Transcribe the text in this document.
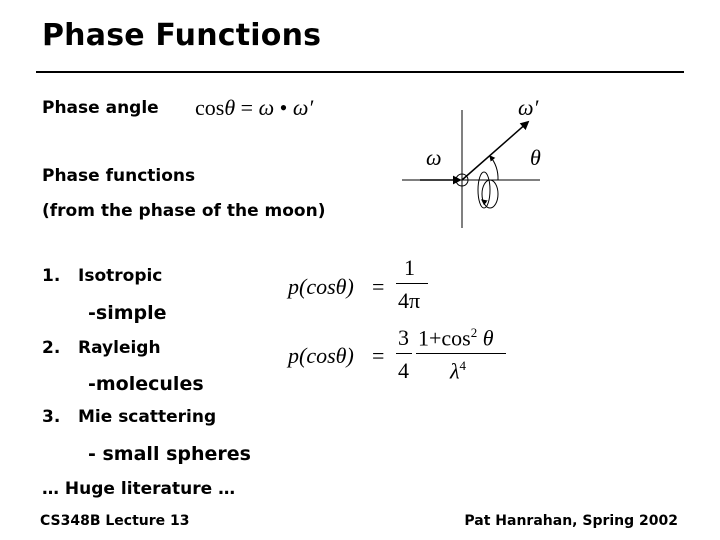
Phase Functions
Phase angle cosθ = ω • ω′
Phase functions
(from the phase of the moon)
1. Isotropic
-simple
2. Rayleigh
-molecules
3. Mie scattering
- small spheres
… Huge literature …
p(cosθ) =
1
4π
p(cosθ) =
3
4
$1+\cos^2$ θ
$\lambda^4$
ω
ω′
θ
CS348B Lecture 13	Pat Hanrahan, Spring 2002
